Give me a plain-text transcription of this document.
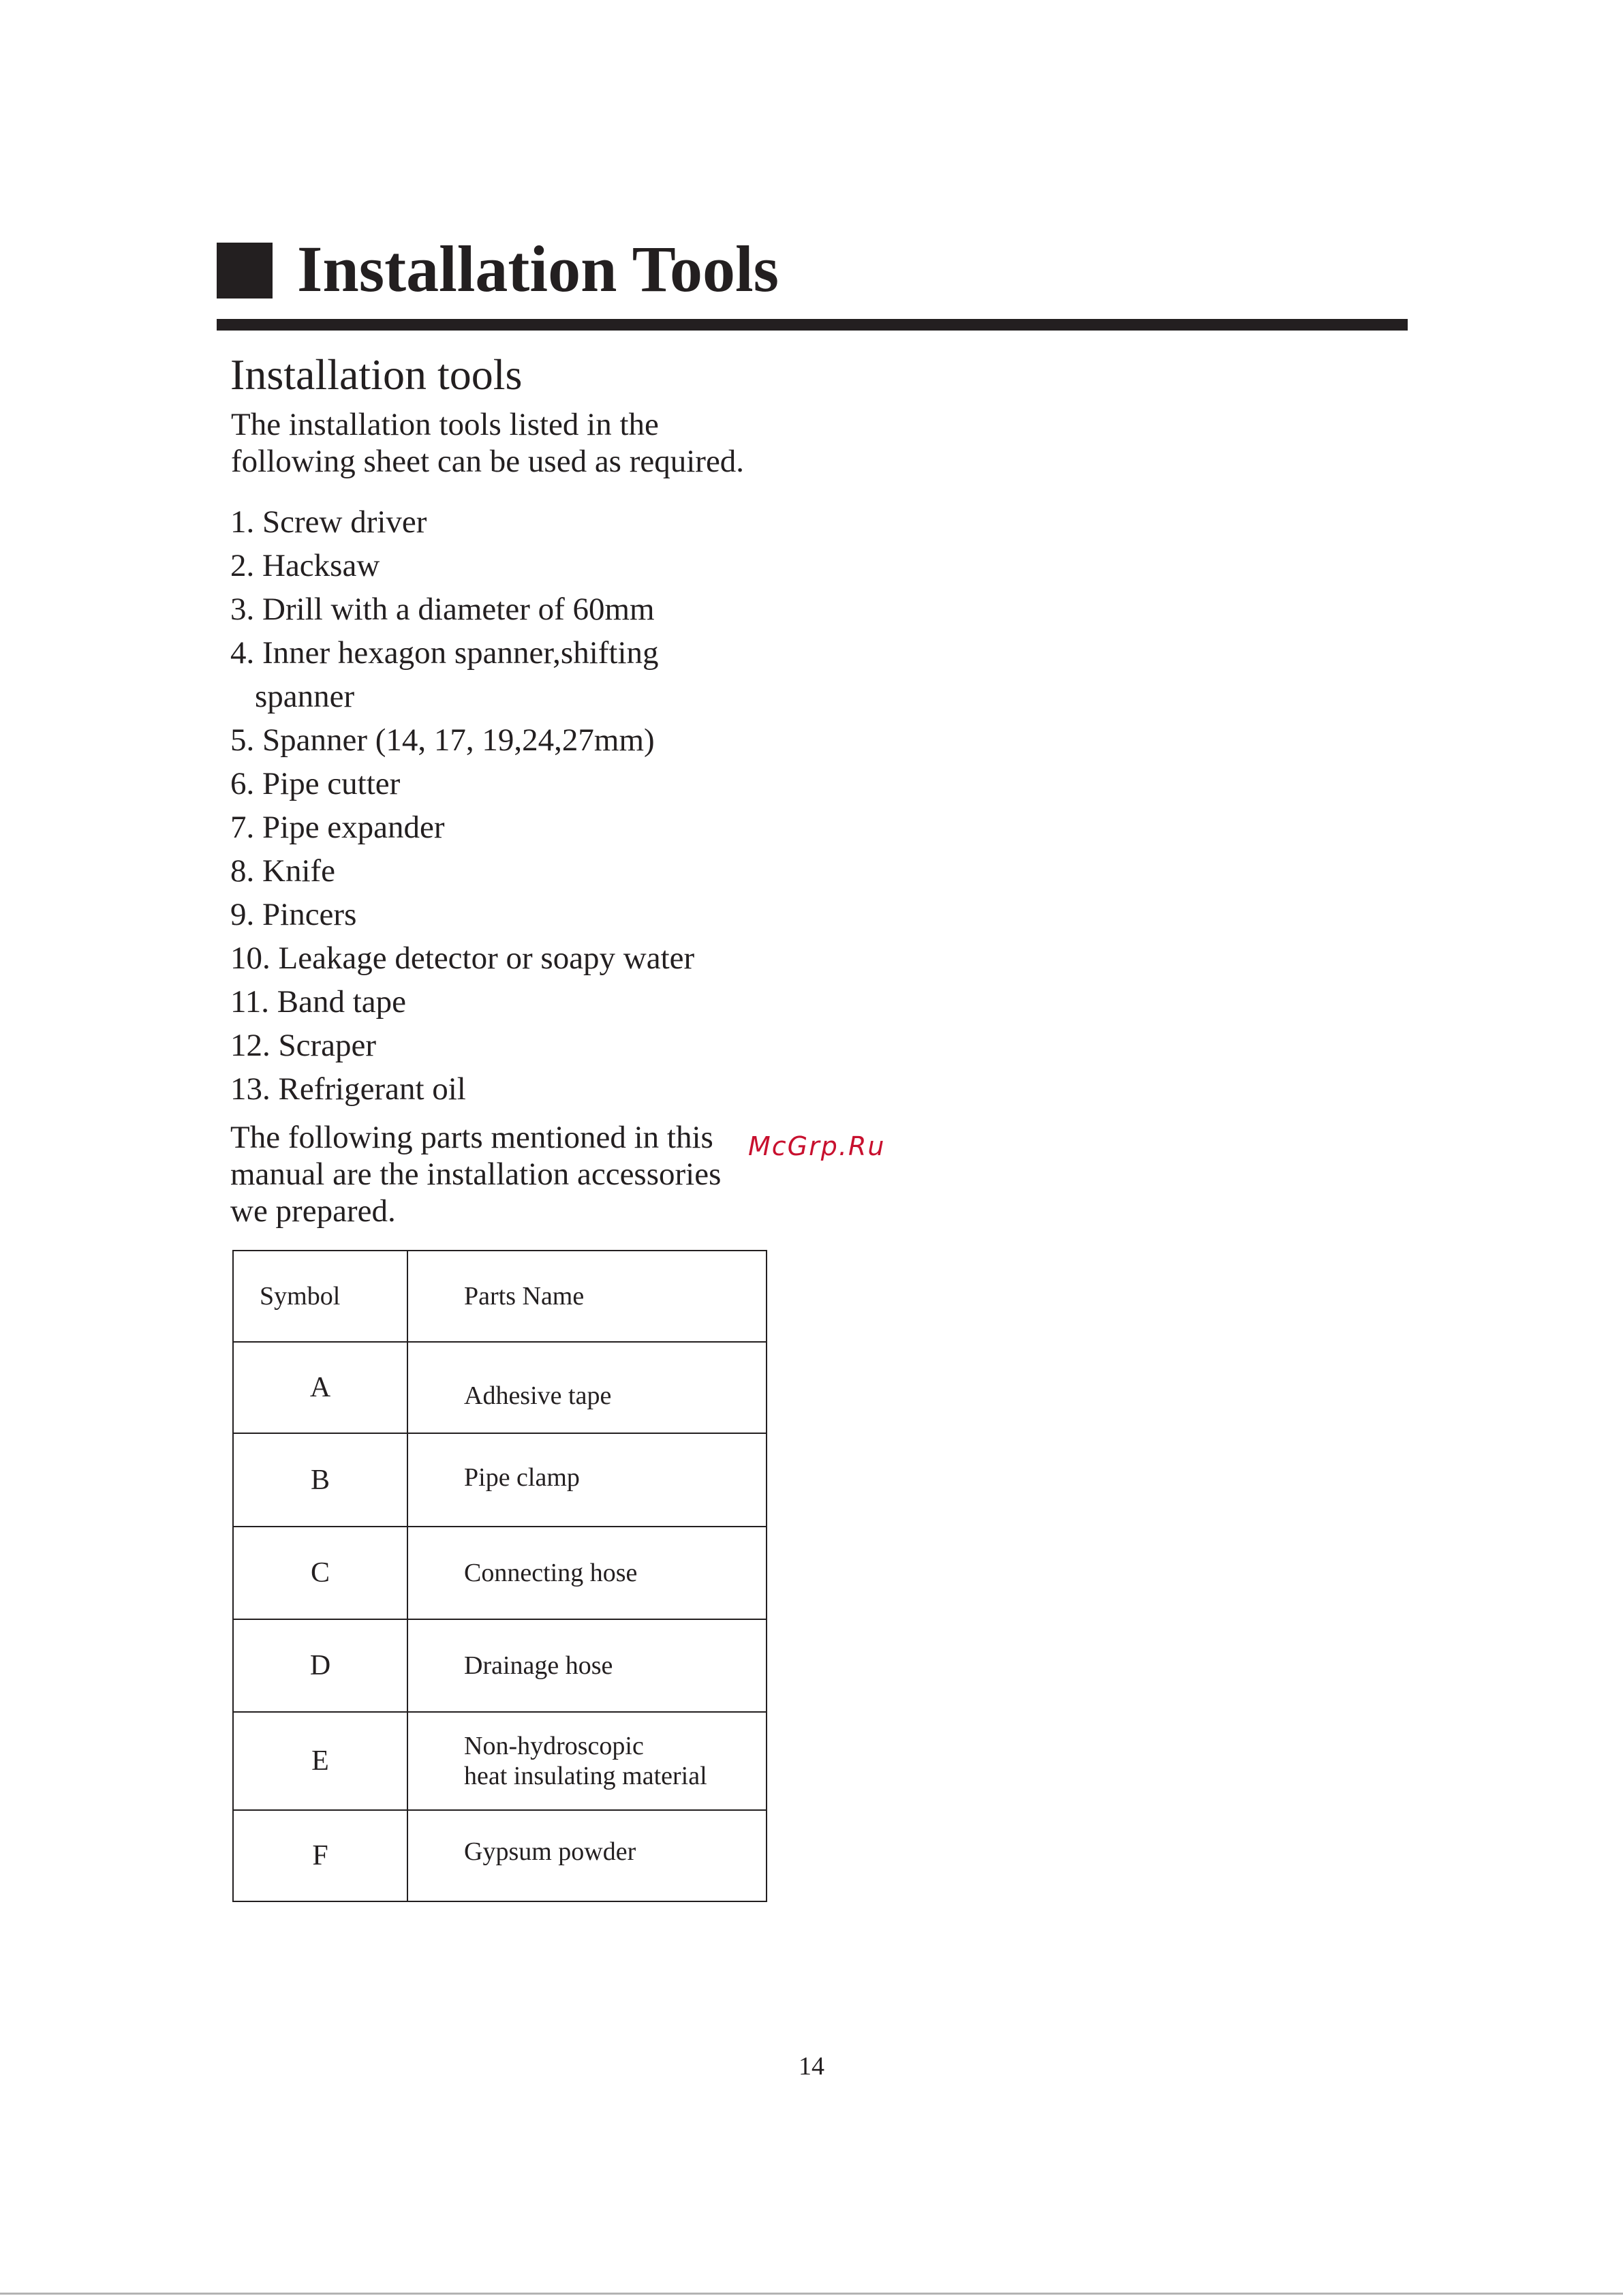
Installation Tools
Installation tools

The installation tools listed in the
following sheet can be used as required.

1. Screw driver
2. Hacksaw
3. Drill with a diameter of 60mm
4. Inner hexagon spanner,shifting
spanner
5. Spanner (14, 17, 19,24,27mm)
6. Pipe cutter
7. Pipe expander
8. Knife
9. Pincers
10. Leakage detector or soapy water
11. Band tape
12. Scraper
13. Refrigerant oil

The following parts mentioned in this
manual are the installation accessories
we prepared.

McGrp.Ru
Symbol	Parts Name

A	Adhesive tape

B	Pipe clamp

C	Connecting hose

D	Drainage hose

E	Non-hydroscopic
heat insulating material

F	Gypsum powder
14
